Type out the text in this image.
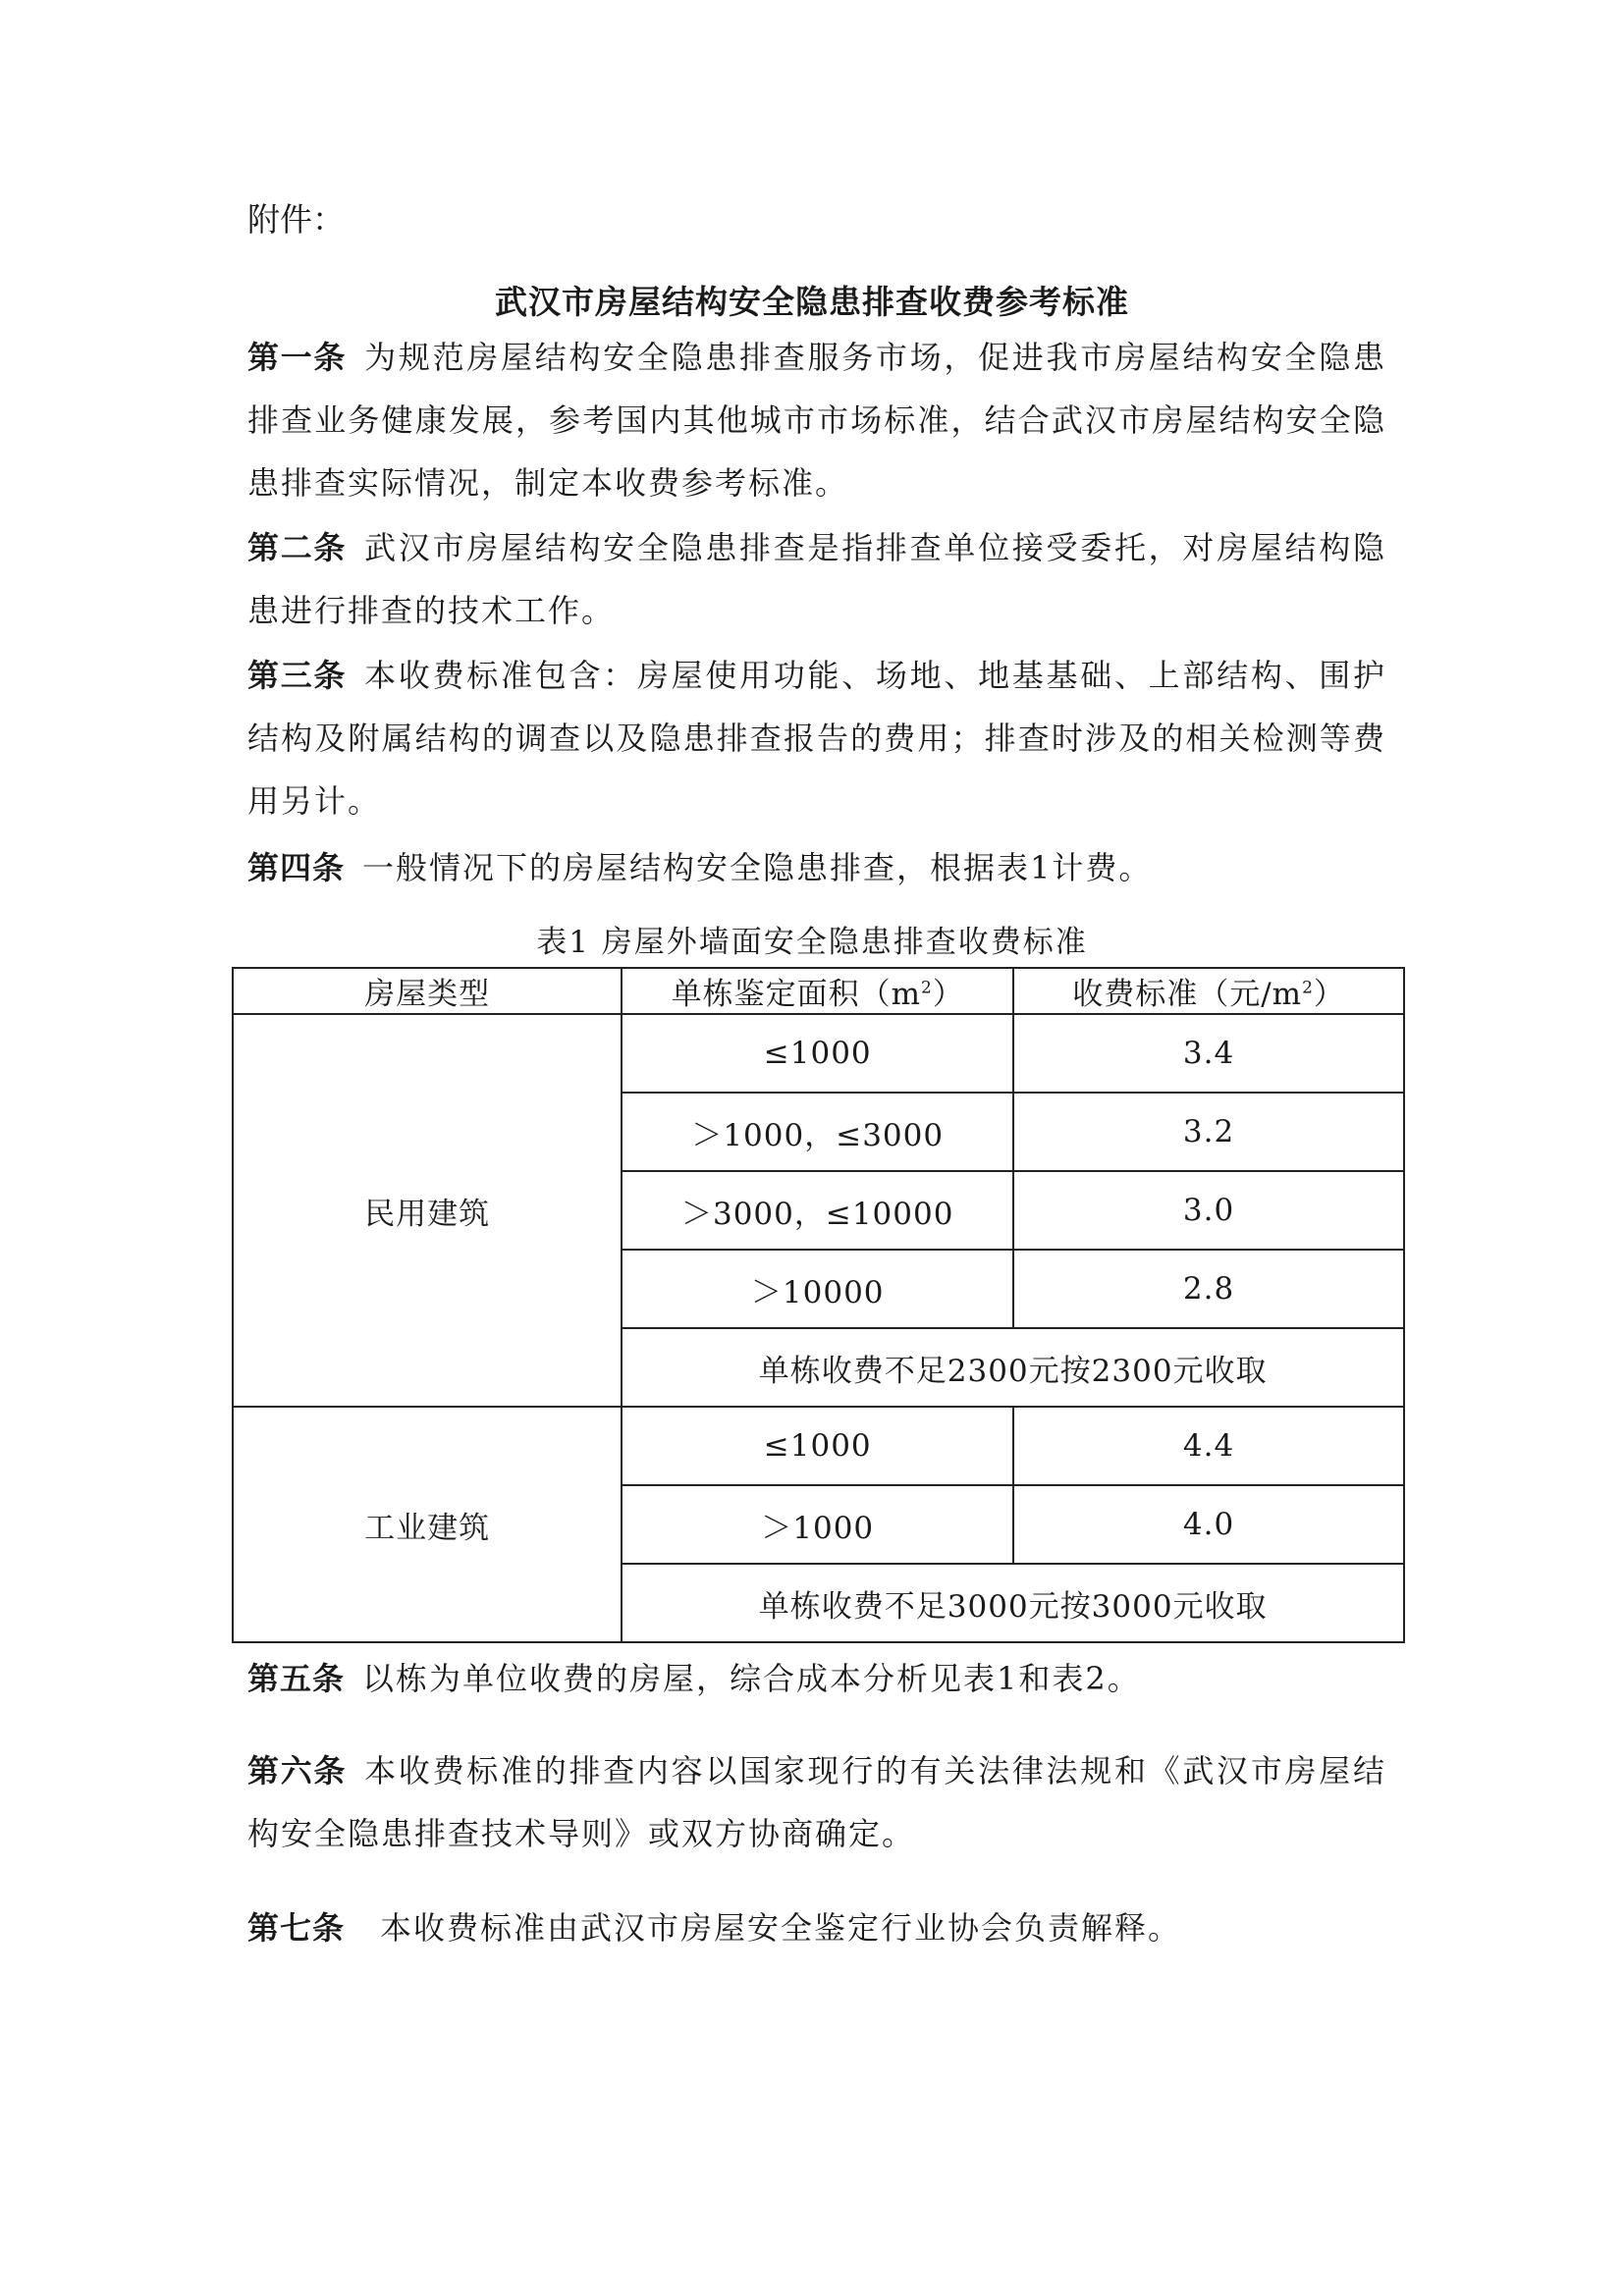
附件：
武汉市房屋结构安全隐患排查收费参考标准
第一条 为规范房屋结构安全隐患排查服务市场，促进我市房屋结构安全隐患排查业务健康发展，参考国内其他城市市场标准，结合武汉市房屋结构安全隐患排查实际情况，制定本收费参考标准。
第二条 武汉市房屋结构安全隐患排查是指排查单位接受委托，对房屋结构隐患进行排查的技术工作。
第三条 本收费标准包含：房屋使用功能、场地、地基基础、上部结构、围护结构及附属结构的调查以及隐患排查报告的费用；排查时涉及的相关检测等费用另计。
第四条 一般情况下的房屋结构安全隐患排查，根据表1计费。
表1 房屋外墙面安全隐患排查收费标准
房屋类型	单栋鉴定面积$(m^2)$	收费标准（元$/m^2$）
民用建筑	≤1000	3.4
	＞1000，≤3000	3.2
	＞3000，≤10000	3.0
	＞10000	2.8
	单栋收费不足2300元按2300元收取	
工业建筑	≤1000	4.4
	＞1000	4.0
	单栋收费不足3000元按3000元收取	
第五条 以栋为单位收费的房屋，综合成本分析见表1和表2。
第六条 本收费标准的排查内容以国家现行的有关法律法规和《武汉市房屋结构安全隐患排查技术导则》或双方协商确定。
第七条 本收费标准由武汉市房屋安全鉴定行业协会负责解释。
